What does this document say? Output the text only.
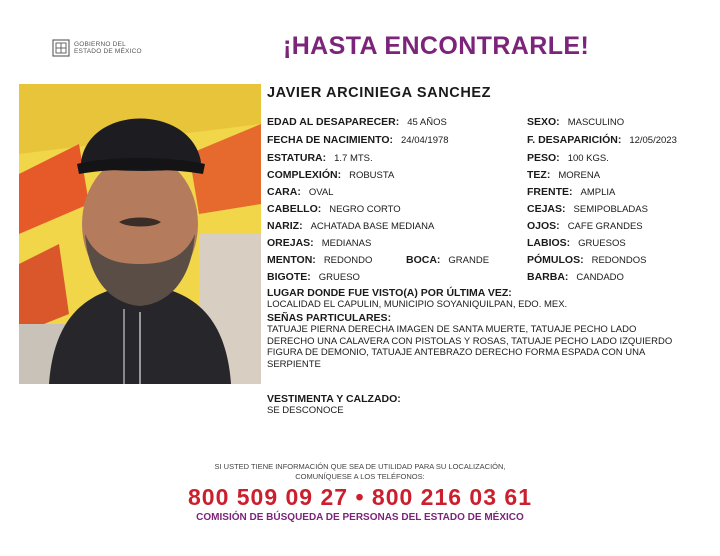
GOBIERNO DEL
ESTADO DE MÉXICO	¡HASTA ENCONTRARLE!
JAVIER ARCINIEGA SANCHEZ
EDAD AL DESAPARECER: 45 AÑOS	SEXO: MASCULINO
FECHA DE NACIMIENTO: 24/04/1978	F. DESAPARICIÓN: 12/05/2023
ESTATURA: 1.7 MTS.	PESO: 100 KGS.
COMPLEXIÓN: ROBUSTA	TEZ: MORENA
CARA: OVAL	FRENTE: AMPLIA
CABELLO: NEGRO CORTO	CEJAS: SEMIPOBLADAS
NARIZ: ACHATADA BASE MEDIANA	OJOS: CAFE GRANDES
OREJAS: MEDIANAS	LABIOS: GRUESOS
MENTON: REDONDO	BOCA: GRANDE	PÓMULOS: REDONDOS
BIGOTE: GRUESO	BARBA: CANDADO
LUGAR DONDE FUE VISTO(A) POR ÚLTIMA VEZ:
LOCALIDAD EL CAPULIN, MUNICIPIO SOYANIQUILPAN, EDO. MEX.
SEÑAS PARTICULARES:
TATUAJE PIERNA DERECHA IMAGEN DE SANTA MUERTE, TATUAJE PECHO LADO
DERECHO UNA CALAVERA CON PISTOLAS Y ROSAS, TATUAJE PECHO LADO IZQUIERDO
FIGURA DE DEMONIO, TATUAJE ANTEBRAZO DERECHO FORMA ESPADA CON UNA
SERPIENTE
VESTIMENTA Y CALZADO:
SE DESCONOCE
SI USTED TIENE INFORMACIÓN QUE SEA DE UTILIDAD PARA SU LOCALIZACIÓN,
COMUNÍQUESE A LOS TELÉFONOS:
800 509 09 27 • 800 216 03 61
COMISIÓN DE BÚSQUEDA DE PERSONAS DEL ESTADO DE MÉXICO
